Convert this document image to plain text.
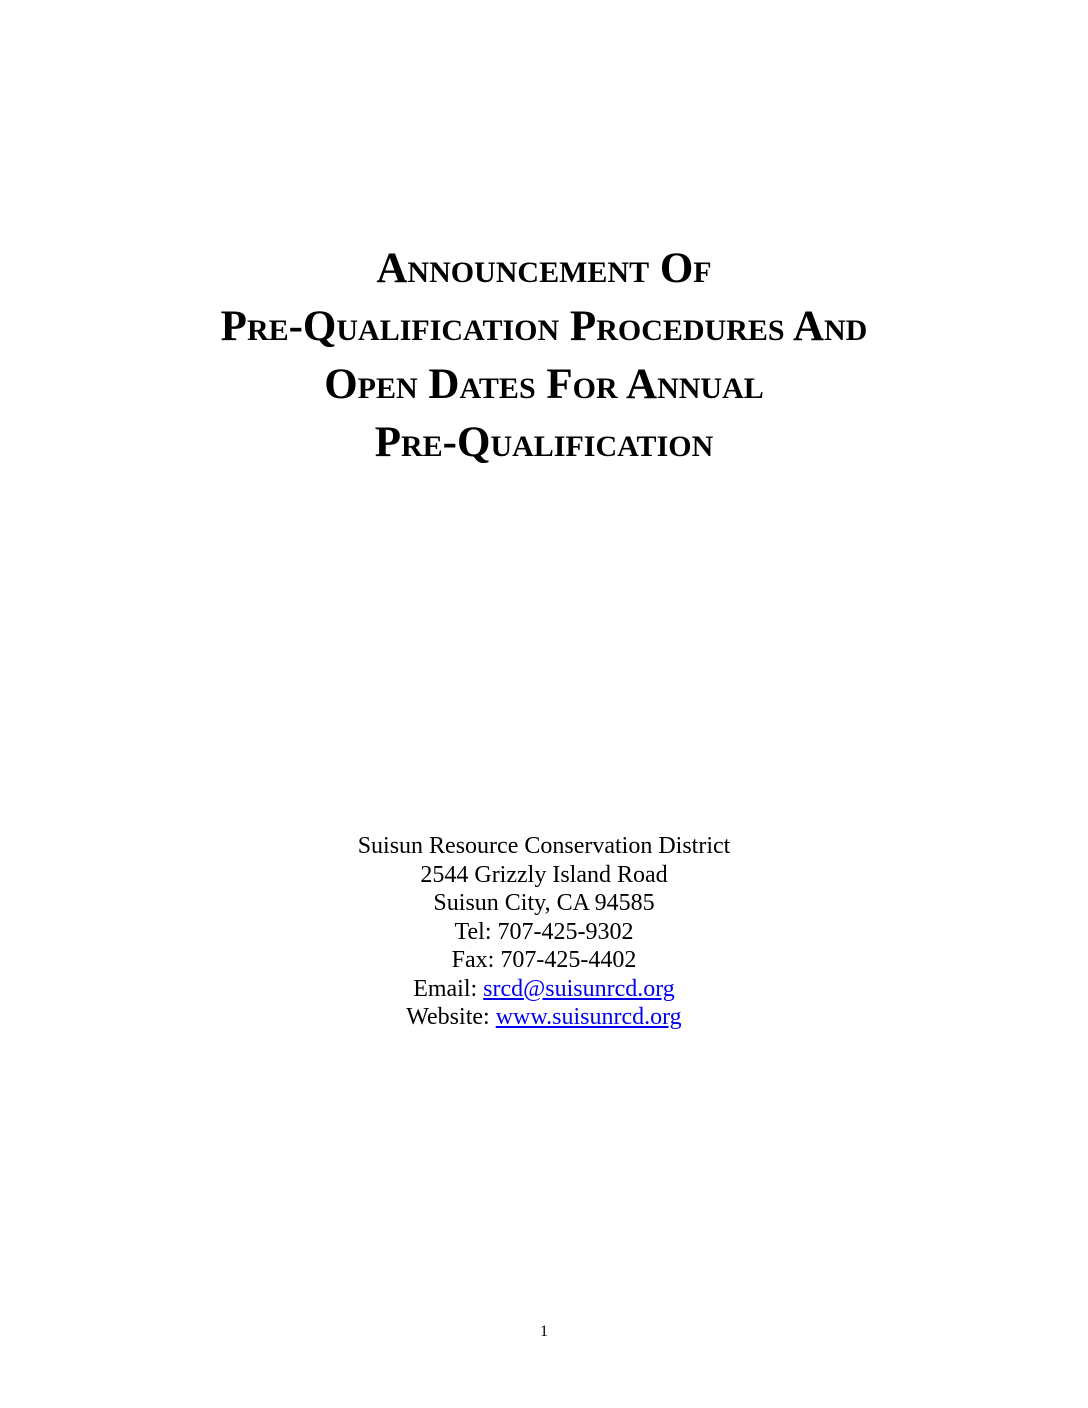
Announcement Of
Pre-Qualification Procedures And
Open Dates For Annual
Pre-Qualification
Suisun Resource Conservation District
2544 Grizzly Island Road
Suisun City, CA 94585
Tel: 707-425-9302
Fax: 707-425-4402
Email: srcd@suisunrcd.org
Website: www.suisunrcd.org
1
